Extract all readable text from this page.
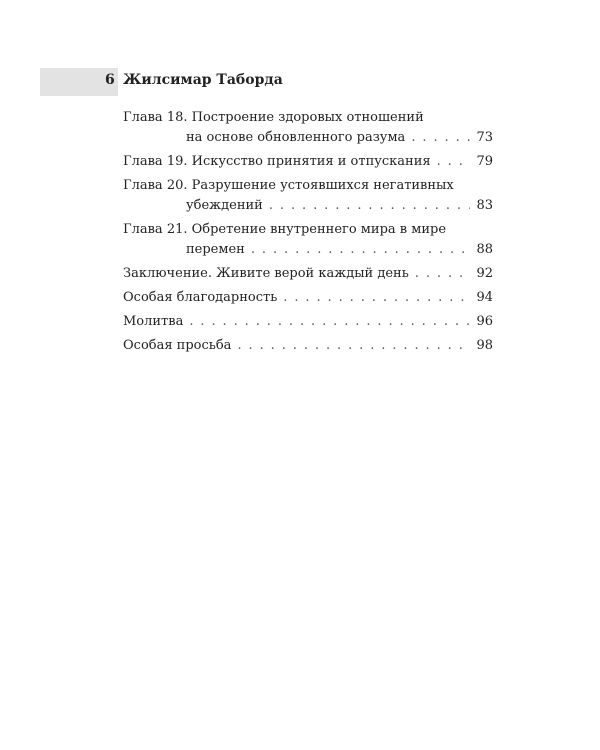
6 Жилсимар Таборда
Глава 18. Построение здоровых отношений
на основе обновленного разума . . .	73
Глава 19. Искусство принятия и отпускания . . .	79
Глава 20. Разрушение устоявшихся негативных
убеждений . . .	83
Глава 21. Обретение внутреннего мира в мире
перемен . . .	88
Заключение. Живите верой каждый день . . .	92
Особая благодарность . . .	94
Молитва . . .	96
Особая просьба . . .	98
